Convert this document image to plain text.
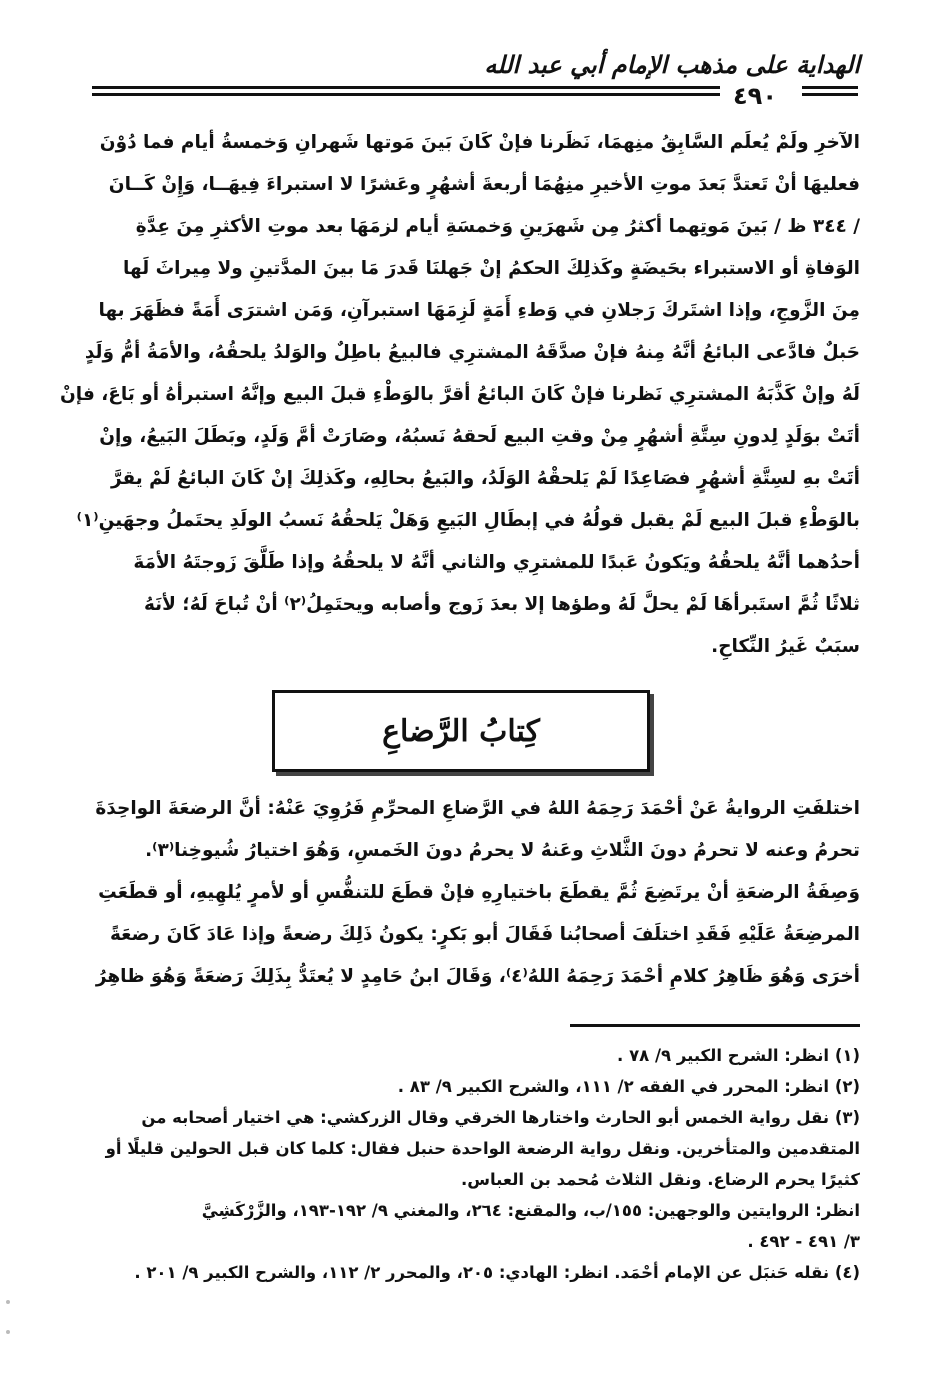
الهداية على مذهب الإمام أبي عبد الله
٤٩٠
الآخرِ ولَمْ يُعلَم السَّابِقُ منِهمَا، نَظَرنا فإنْ كَانَ بَينَ مَوتها شَهرانِ وَخمسةُ أيام فما دُوْنَ
فعليهَا أنْ تَعتدَّ بَعدَ موتِ الأخيرِ منِهُمَا أربعةَ أشهُرٍ وعَشرًا لا استبراءَ فِيهَــا، وَإِنْ كَــانَ
/ ٣٤٤ ظ / بَينَ مَوتِهما أكثرُ مِن شَهرَينِ وَخمسَةِ أيام لزمَهَا بعد موتِ الأكثرِ مِنَ عِدَّةِ
الوَفاةِ أو الاستبراء بحَيضَةٍ وكَذلِكَ الحكمُ إنْ جَهلنَا قَدرَ مَا بينَ المدَّتينِ ولا مِيراثَ لَها
مِنَ الزَّوجِ، وإذا اشتَركَ رَجلانِ في وَطءِ أَمَةٍ لَزِمَهَا استبرآنِ، وَمَن اشترَى أَمَةً فظَهَرَ بها
حَبلٌ فادَّعى البائعُ أنَّهُ مِنهُ فإنْ صدَّقَهُ المشترِي فالبيعُ باطِلٌ والوَلدُ يلحقُهُ، والأمَةُ أمُّ وَلَدٍ
لَهُ وإنْ كَذَّبَهُ المشترِي نَظرنا فإنْ كَانَ البائعُ أقرَّ بالوَطْءِ قبلَ البيع وإنَّهُ استبرأهُ أو بَاعَ، فإنْ
أتَتْ بوَلَدٍ لِدونِ سِتَّةِ أشهُرٍ مِنْ وقتِ البيع لَحقهُ نَسبُهُ، وصَارَتْ أمَّ وَلَدٍ، وبَطَلَ البَيعُ، وإنْ
أتَتْ بهِ لسِتَّةِ أشهُرٍ فصَاعِدًا لَمْ يَلحقْهُ الوَلَدُ، والبَيعُ بحالِهِ، وكَذلِكَ إنْ كَانَ البائعُ لَمْ يقرَّ
بالوَطْءِ قبلَ البيع لَمْ يقبل قولُهُ في إبطَالِ البَيعِ وَهَلْ يَلحقُهُ نَسبُ الولَدِ يحتَملُ وجهَينِ⁽١⁾
أحدُهما أنَّهُ يلحقُهُ ويَكونُ عَبدًا للمشترِي والثاني أنَّهُ لا يلحقُهُ وإذا طَلَّقَ زَوجتَهُ الأمَةَ
ثلاثًا ثُمَّ استَبرأهَا لَمْ يحلَّ لَهُ وطؤها إلا بعدَ زَوج وأصابه ويحتَمِلُ⁽٢⁾ أنْ تُباحَ لَهُ؛ لأنَهُ
سبَبٌ غَيرُ النِّكاحِ.
كِتابُ الرَّضاعِ
اختلفَتِ الروايةُ عَنْ أحْمَدَ رَحِمَهُ اللهُ في الرَّضاعِ المحرِّمِ فَرُوِيَ عَنْهُ: أنَّ الرضعَةَ الواحِدَةَ
تحرمُ وعنه لا تحرمُ دونَ الثَّلاثِ وعَنهُ لا يحرمُ دونَ الخَمسِ، وَهُوَ اختيارُ شُيوخِنا⁽٣⁾.
وَصِفَةُ الرضعَةِ أنْ يرتَضِعَ ثُمَّ يقطَعَ باختيارِهِ فإنْ قطَعَ للتنفُّسِ أو لأمرٍ يُلهِيهِ، أو قطَعَتِ
المرضِعَةُ عَلَيْهِ فَقَدِ اختلَفَ أصحابُنا فَقَالَ أبو بَكرٍ: يكونُ ذَلِكَ رضعةً وإذا عَادَ كَانَ رضعَةً
أخرَى وَهُوَ ظَاهِرُ كلامِ أحْمَدَ رَحِمَهُ اللهُ⁽٤⁾، وَقَالَ ابنُ حَامِدٍ لا يُعتَدُّ بِذَلِكَ رَضعَةً وَهُوَ ظاهِرُ
(١) انظر: الشرح الكبير ٩/ ٧٨ .
(٢) انظر: المحرر في الفقه ٢/ ١١١، والشرح الكبير ٩/ ٨٣ .
(٣) نقل رواية الخمس أبو الحارث واختارها الخرقي وقال الزركشي: هي اختيار أصحابه من
المتقدمين والمتأخرين. ونقل رواية الرضعة الواحدة حنبل فقال: كلما كان قبل الحولين قليلًا أو
كثيرًا يحرم الرضاع. ونقل الثلاث مُحمد بن العباس.
انظر: الروايتين والوجهين: ١٥٥/ب، والمقنع: ٢٦٤، والمغني ٩/ ١٩٢-١٩٣، والزَّرْكَشِيَّ
٣/ ٤٩١ - ٤٩٢ .
(٤) نقله حَنبَل عن الإمام أحْمَد. انظر: الهادي: ٢٠٥، والمحرر ٢/ ١١٢، والشرح الكبير ٩/ ٢٠١ .
